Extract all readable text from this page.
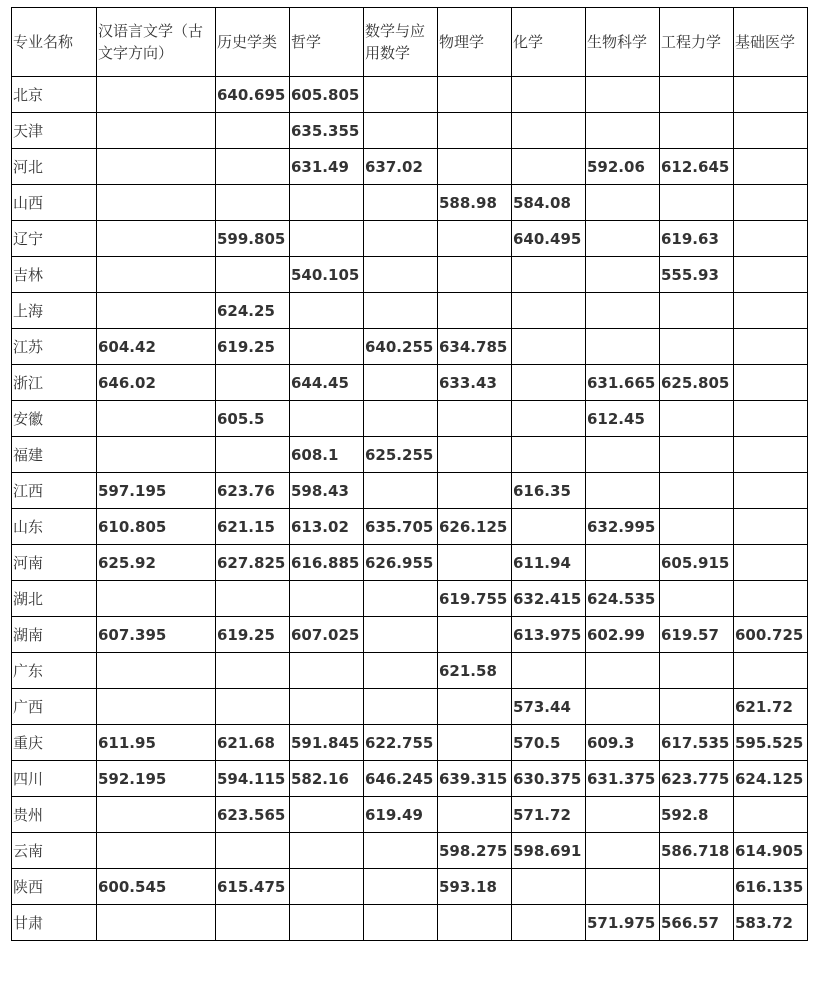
专业名称	汉语言文学（古文字方向）	历史学类	哲学	数学与应用数学	物理学	化学	生物科学	工程力学	基础医学
北京		640.695	605.805						
天津			635.355						
河北			631.49	637.02			592.06	612.645	
山西					588.98	584.08			
辽宁		599.805				640.495		619.63	
吉林			540.105					555.93	
上海		624.25							
江苏	604.42	619.25		640.255	634.785				
浙江	646.02		644.45		633.43		631.665	625.805	
安徽		605.5					612.45		
福建			608.1	625.255					
江西	597.195	623.76	598.43			616.35			
山东	610.805	621.15	613.02	635.705	626.125		632.995		
河南	625.92	627.825	616.885	626.955		611.94		605.915	
湖北					619.755	632.415	624.535		
湖南	607.395	619.25	607.025			613.975	602.99	619.57	600.725
广东					621.58				
广西						573.44			621.72
重庆	611.95	621.68	591.845	622.755		570.5	609.3	617.535	595.525
四川	592.195	594.115	582.16	646.245	639.315	630.375	631.375	623.775	624.125
贵州		623.565		619.49		571.72		592.8	
云南					598.275	598.691		586.718	614.905
陕西	600.545	615.475			593.18				616.135
甘肃							571.975	566.57	583.72
